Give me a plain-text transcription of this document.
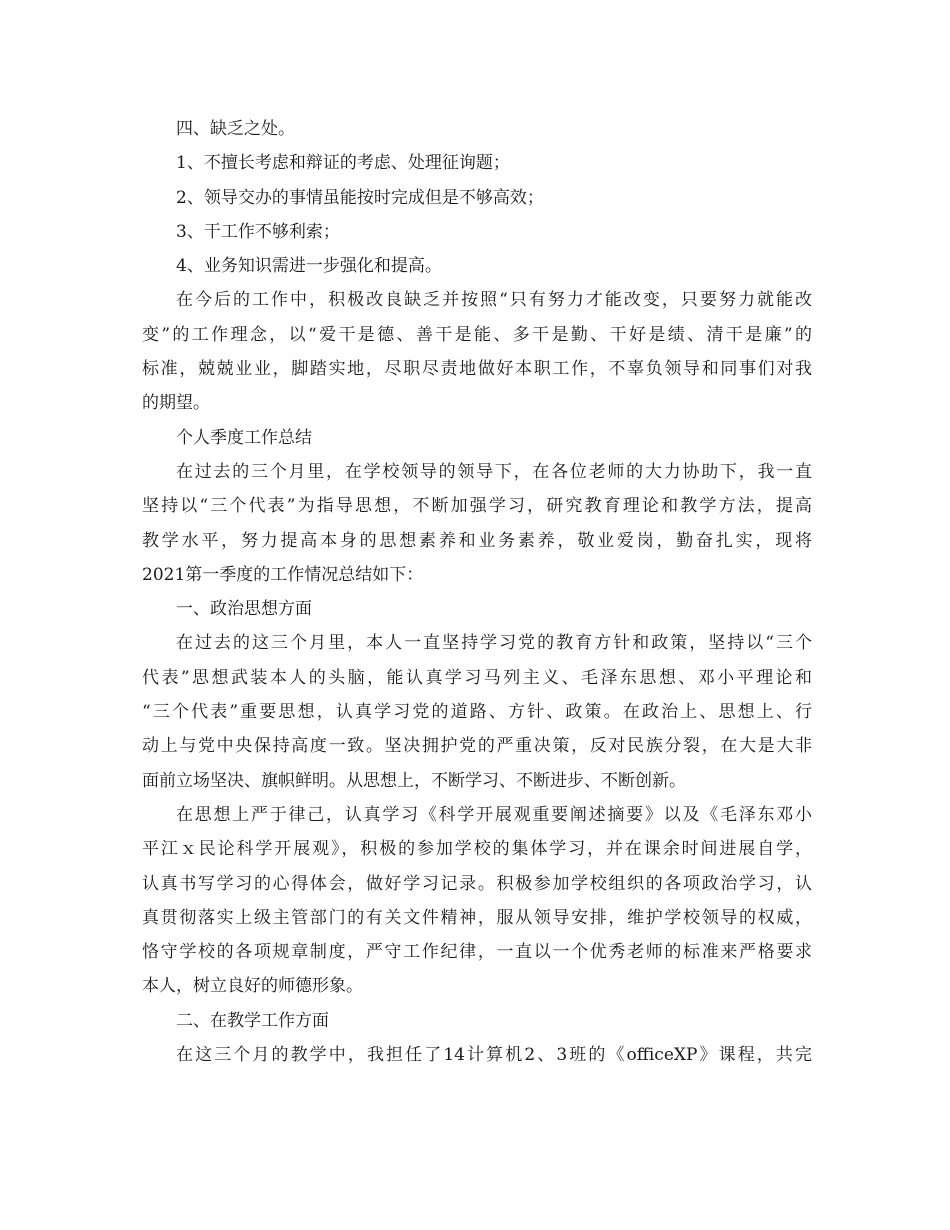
四、缺乏之处。
1、不擅长考虑和辩证的考虑、处理征询题；
2、领导交办的事情虽能按时完成但是不够高效；
3、干工作不够利索；
4、业务知识需进一步强化和提高。
在今后的工作中，积极改良缺乏并按照“只有努力才能改变，只要努力就能改
变”的工作理念，以“爱干是德、善干是能、多干是勤、干好是绩、清干是廉”的
标准，兢兢业业，脚踏实地，尽职尽责地做好本职工作，不辜负领导和同事们对我
的期望。
个人季度工作总结
在过去的三个月里，在学校领导的领导下，在各位老师的大力协助下，我一直
坚持以“三个代表”为指导思想，不断加强学习，研究教育理论和教学方法，提高
教学水平，努力提高本身的思想素养和业务素养，敬业爱岗，勤奋扎实，现将
2021第一季度的工作情况总结如下：
一、政治思想方面
在过去的这三个月里，本人一直坚持学习党的教育方针和政策，坚持以“三个
代表”思想武装本人的头脑，能认真学习马列主义、毛泽东思想、邓小平理论和
“三个代表”重要思想，认真学习党的道路、方针、政策。在政治上、思想上、行
动上与党中央保持高度一致。坚决拥护党的严重决策，反对民族分裂，在大是大非
面前立场坚决、旗帜鲜明。从思想上，不断学习、不断进步、不断创新。
在思想上严于律己，认真学习《科学开展观重要阐述摘要》以及《毛泽东邓小
平江ｘ民论科学开展观》，积极的参加学校的集体学习，并在课余时间进展自学，
认真书写学习的心得体会，做好学习记录。积极参加学校组织的各项政治学习，认
真贯彻落实上级主管部门的有关文件精神，服从领导安排，维护学校领导的权威，
恪守学校的各项规章制度，严守工作纪律，一直以一个优秀老师的标准来严格要求
本人，树立良好的师德形象。
二、在教学工作方面
在这三个月的教学中，我担任了14计算机2、3班的《officeXP》课程，共完
